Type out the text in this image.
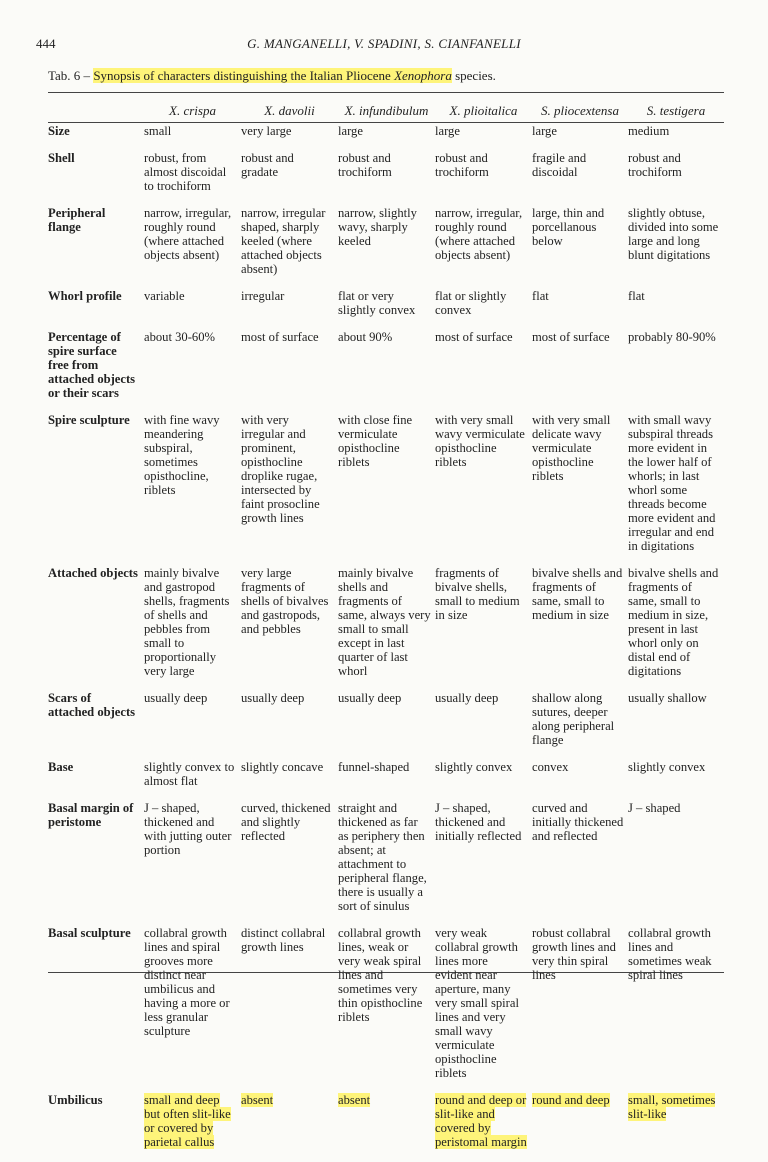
444	G. MANGANELLI, V. SPADINI, S. CIANFANELLI
Tab. 6 – Synopsis of characters distinguishing the Italian Pliocene Xenophora species.
	X. crispa	X. davolii	X. infundibulum	X. plioitalica	S. pliocextensa	S. testigera
Size	small	very large	large	large	large	medium
Shell	robust, from almost discoidal to trochiform	robust and gradate	robust and trochiform	robust and trochiform	fragile and discoidal	robust and trochiform
Peripheral flange	narrow, irregular, roughly round (where attached objects absent)	narrow, irregular shaped, sharply keeled (where attached objects absent)	narrow, slightly wavy, sharply keeled	narrow, irregular, roughly round (where attached objects absent)	large, thin and porcellanous below	slightly obtuse, divided into some large and long blunt digitations
Whorl profile	variable	irregular	flat or very slightly convex	flat or slightly convex	flat	flat
Percentage of spire surface free from attached objects or their scars	about 30-60%	most of surface	about 90%	most of surface	most of surface	probably 80-90%
Spire sculpture	with fine wavy meandering subspiral, sometimes opisthocline, riblets	with very irregular and prominent, opisthocline droplike rugae, intersected by faint prosocline growth lines	with close fine vermiculate opisthocline riblets	with very small wavy vermiculate opisthocline riblets	with very small delicate wavy vermiculate opisthocline riblets	with small wavy subspiral threads more evident in the lower half of whorls; in last whorl some threads become more evident and irregular and end in digitations
Attached objects	mainly bivalve and gastropod shells, fragments of shells and pebbles from small to proportionally very large	very large fragments of shells of bivalves and gastropods, and pebbles	mainly bivalve shells and fragments of same, always very small to small except in last quarter of last whorl	fragments of bivalve shells, small to medium in size	bivalve shells and fragments of same, small to medium in size	bivalve shells and fragments of same, small to medium in size, present in last whorl only on distal end of digitations
Scars of attached objects	usually deep	usually deep	usually deep	usually deep	shallow along sutures, deeper along peripheral flange	usually shallow
Base	slightly convex to almost flat	slightly concave	funnel-shaped	slightly convex	convex	slightly convex
Basal margin of peristome	J – shaped, thickened and with jutting outer portion	curved, thickened and slightly reflected	straight and thickened as far as periphery then absent; at attachment to peripheral flange, there is usually a sort of sinulus	J – shaped, thickened and initially reflected	curved and initially thickened and reflected	J – shaped
Basal sculpture	collabral growth lines and spiral grooves more distinct near umbilicus and having a more or less granular sculpture	distinct collabral growth lines	collabral growth lines, weak or very weak spiral lines and sometimes very thin opisthocline riblets	very weak collabral growth lines more evident near aperture, many very small spiral lines and very small wavy vermiculate opisthocline riblets	robust collabral growth lines and very thin spiral lines	collabral growth lines and sometimes weak spiral lines
Umbilicus	small and deep but often slit-like or covered by parietal callus	absent	absent	round and deep or slit-like and covered by peristomal margin	round and deep	small, sometimes slit-like
